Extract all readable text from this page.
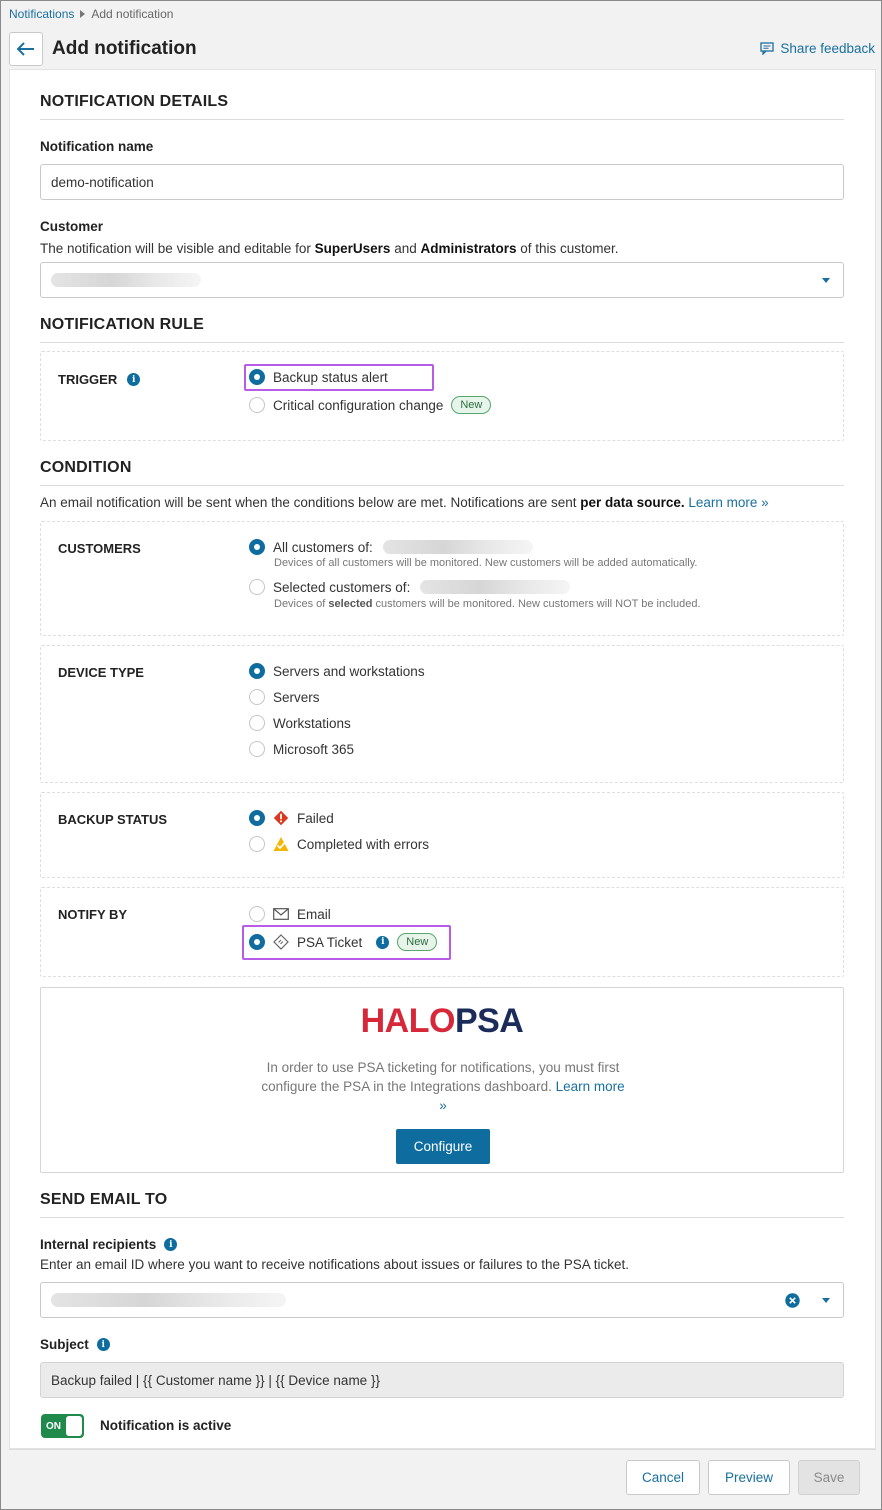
Notifications Add notification
Add notification	Share feedback
NOTIFICATION DETAILS
Notification name
demo-notification
Customer
The notification will be visible and editable for SuperUsers and Administrators of this customer.
NOTIFICATION RULE
TRIGGER	i	Backup status alert
Critical configuration change	New
CONDITION
An email notification will be sent when the conditions below are met. Notifications are sent per data source. Learn more »
CUSTOMERS	All customers of:
Devices of all customers will be monitored. New customers will be added automatically.
Selected customers of:
Devices of selected customers will be monitored. New customers will NOT be included.
DEVICE TYPE	Servers and workstations
Servers
Workstations
Microsoft 365
BACKUP STATUS	Failed
Completed with errors
NOTIFY BY	Email
PSA Ticket	i	New
HALOPSA
In order to use PSA ticketing for notifications, you must first configure the PSA in the Integrations dashboard. Learn more »
Configure
SEND EMAIL TO
Internal recipients	i
Enter an email ID where you want to receive notifications about issues or failures to the PSA ticket.
Subject	i
Backup failed | {{ Customer name }} | {{ Device name }}
ON	Notification is active
Cancel	Preview	Save
